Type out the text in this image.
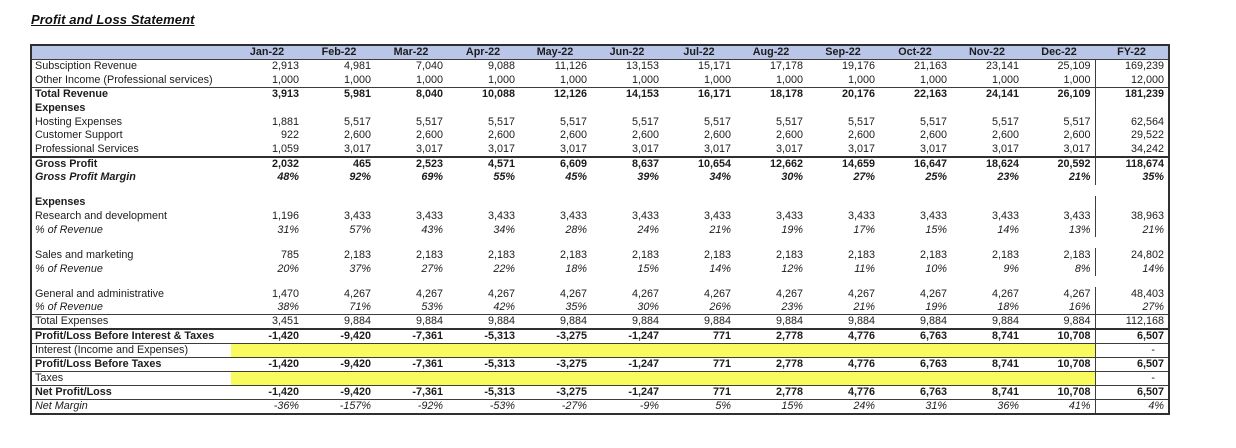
Profit and Loss Statement
	Jan-22	Feb-22	Mar-22	Apr-22	May-22	Jun-22	Jul-22	Aug-22	Sep-22	Oct-22	Nov-22	Dec-22	FY-22
Subsciption Revenue	2,913	4,981	7,040	9,088	11,126	13,153	15,171	17,178	19,176	21,163	23,141	25,109	169,239
Other Income (Professional services)	1,000	1,000	1,000	1,000	1,000	1,000	1,000	1,000	1,000	1,000	1,000	1,000	12,000
Total Revenue	3,913	5,981	8,040	10,088	12,126	14,153	16,171	18,178	20,176	22,163	24,141	26,109	181,239
Expenses													
Hosting Expenses	1,881	5,517	5,517	5,517	5,517	5,517	5,517	5,517	5,517	5,517	5,517	5,517	62,564
Customer Support	922	2,600	2,600	2,600	2,600	2,600	2,600	2,600	2,600	2,600	2,600	2,600	29,522
Professional Services	1,059	3,017	3,017	3,017	3,017	3,017	3,017	3,017	3,017	3,017	3,017	3,017	34,242
Gross Profit	2,032	465	2,523	4,571	6,609	8,637	10,654	12,662	14,659	16,647	18,624	20,592	118,674
Gross Profit Margin	48%	92%	69%	55%	45%	39%	34%	30%	27%	25%	23%	21%	35%

Expenses													
Research and development	1,196	3,433	3,433	3,433	3,433	3,433	3,433	3,433	3,433	3,433	3,433	3,433	38,963
% of Revenue	31%	57%	43%	34%	28%	24%	21%	19%	17%	15%	14%	13%	21%

Sales and marketing	785	2,183	2,183	2,183	2,183	2,183	2,183	2,183	2,183	2,183	2,183	2,183	24,802
% of Revenue	20%	37%	27%	22%	18%	15%	14%	12%	11%	10%	9%	8%	14%

General and administrative	1,470	4,267	4,267	4,267	4,267	4,267	4,267	4,267	4,267	4,267	4,267	4,267	48,403
% of Revenue	38%	71%	53%	42%	35%	30%	26%	23%	21%	19%	18%	16%	27%
Total Expenses	3,451	9,884	9,884	9,884	9,884	9,884	9,884	9,884	9,884	9,884	9,884	9,884	112,168
Profit/Loss Before Interest & Taxes	-1,420	-9,420	-7,361	-5,313	-3,275	-1,247	771	2,778	4,776	6,763	8,741	10,708	6,507
Interest (Income and Expenses)													-
Profit/Loss Before Taxes	-1,420	-9,420	-7,361	-5,313	-3,275	-1,247	771	2,778	4,776	6,763	8,741	10,708	6,507
Taxes													-
Net Profit/Loss	-1,420	-9,420	-7,361	-5,313	-3,275	-1,247	771	2,778	4,776	6,763	8,741	10,708	6,507
Net Margin	-36%	-157%	-92%	-53%	-27%	-9%	5%	15%	24%	31%	36%	41%	4%
